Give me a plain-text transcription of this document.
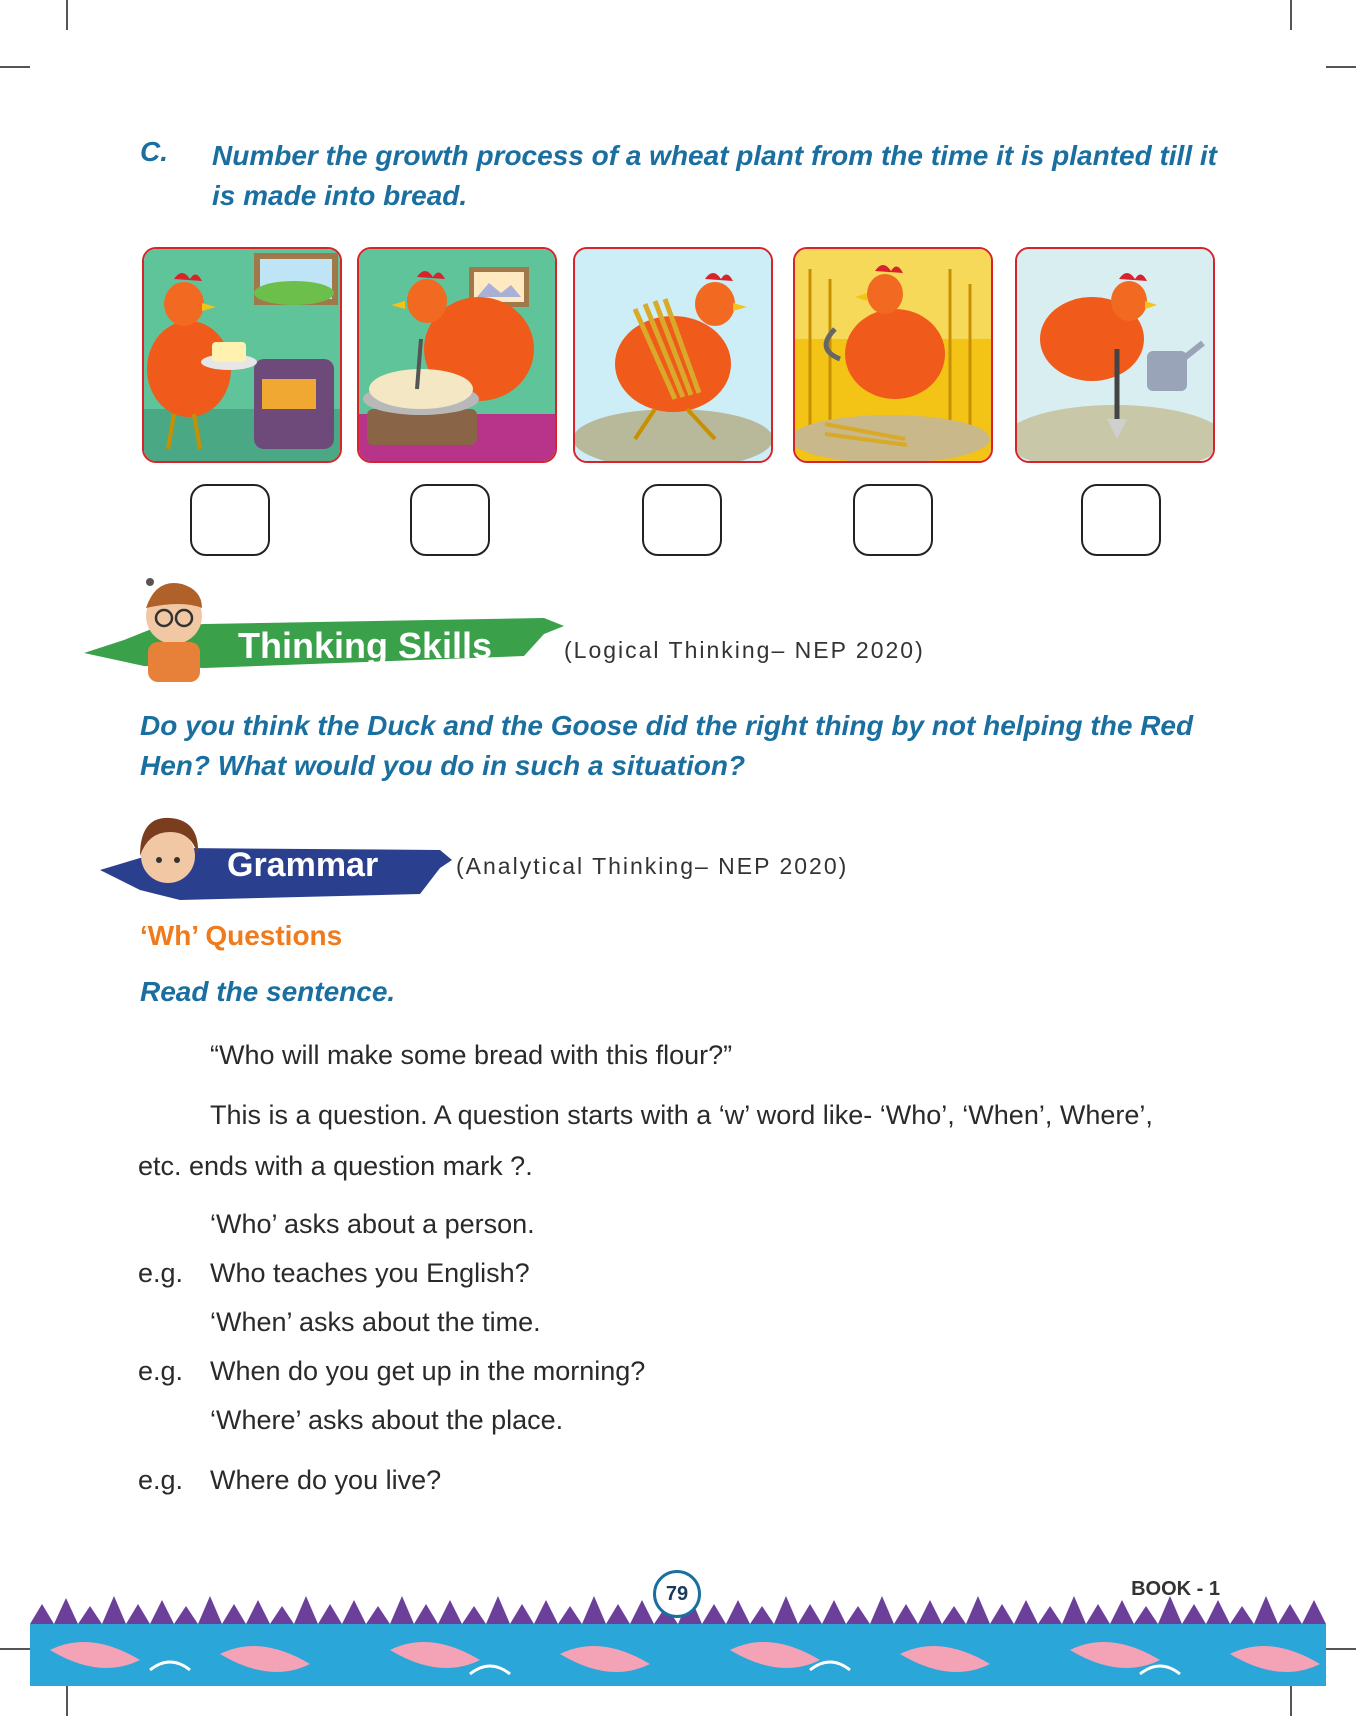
C. Number the growth process of a wheat plant from the time it is planted till it is made into bread.
Thinking Skills	(Logical Thinking– NEP 2020)
Do you think the Duck and the Goose did the right thing by not helping the Red Hen? What would you do in such a situation?
Grammar	(Analytical Thinking– NEP 2020)
‘Wh’ Questions
Read the sentence.
“Who will make some bread with this flour?”
This is a question. A question starts with a ‘w’ word like- ‘Who’, ‘When’, Where’,
etc. ends with a question mark ?.
‘Who’ asks about a person.
e.g. Who teaches you English?
‘When’ asks about the time.
e.g. When do you get up in the morning?
‘Where’ asks about the place.
e.g. Where do you live?
79	BOOK - 1
